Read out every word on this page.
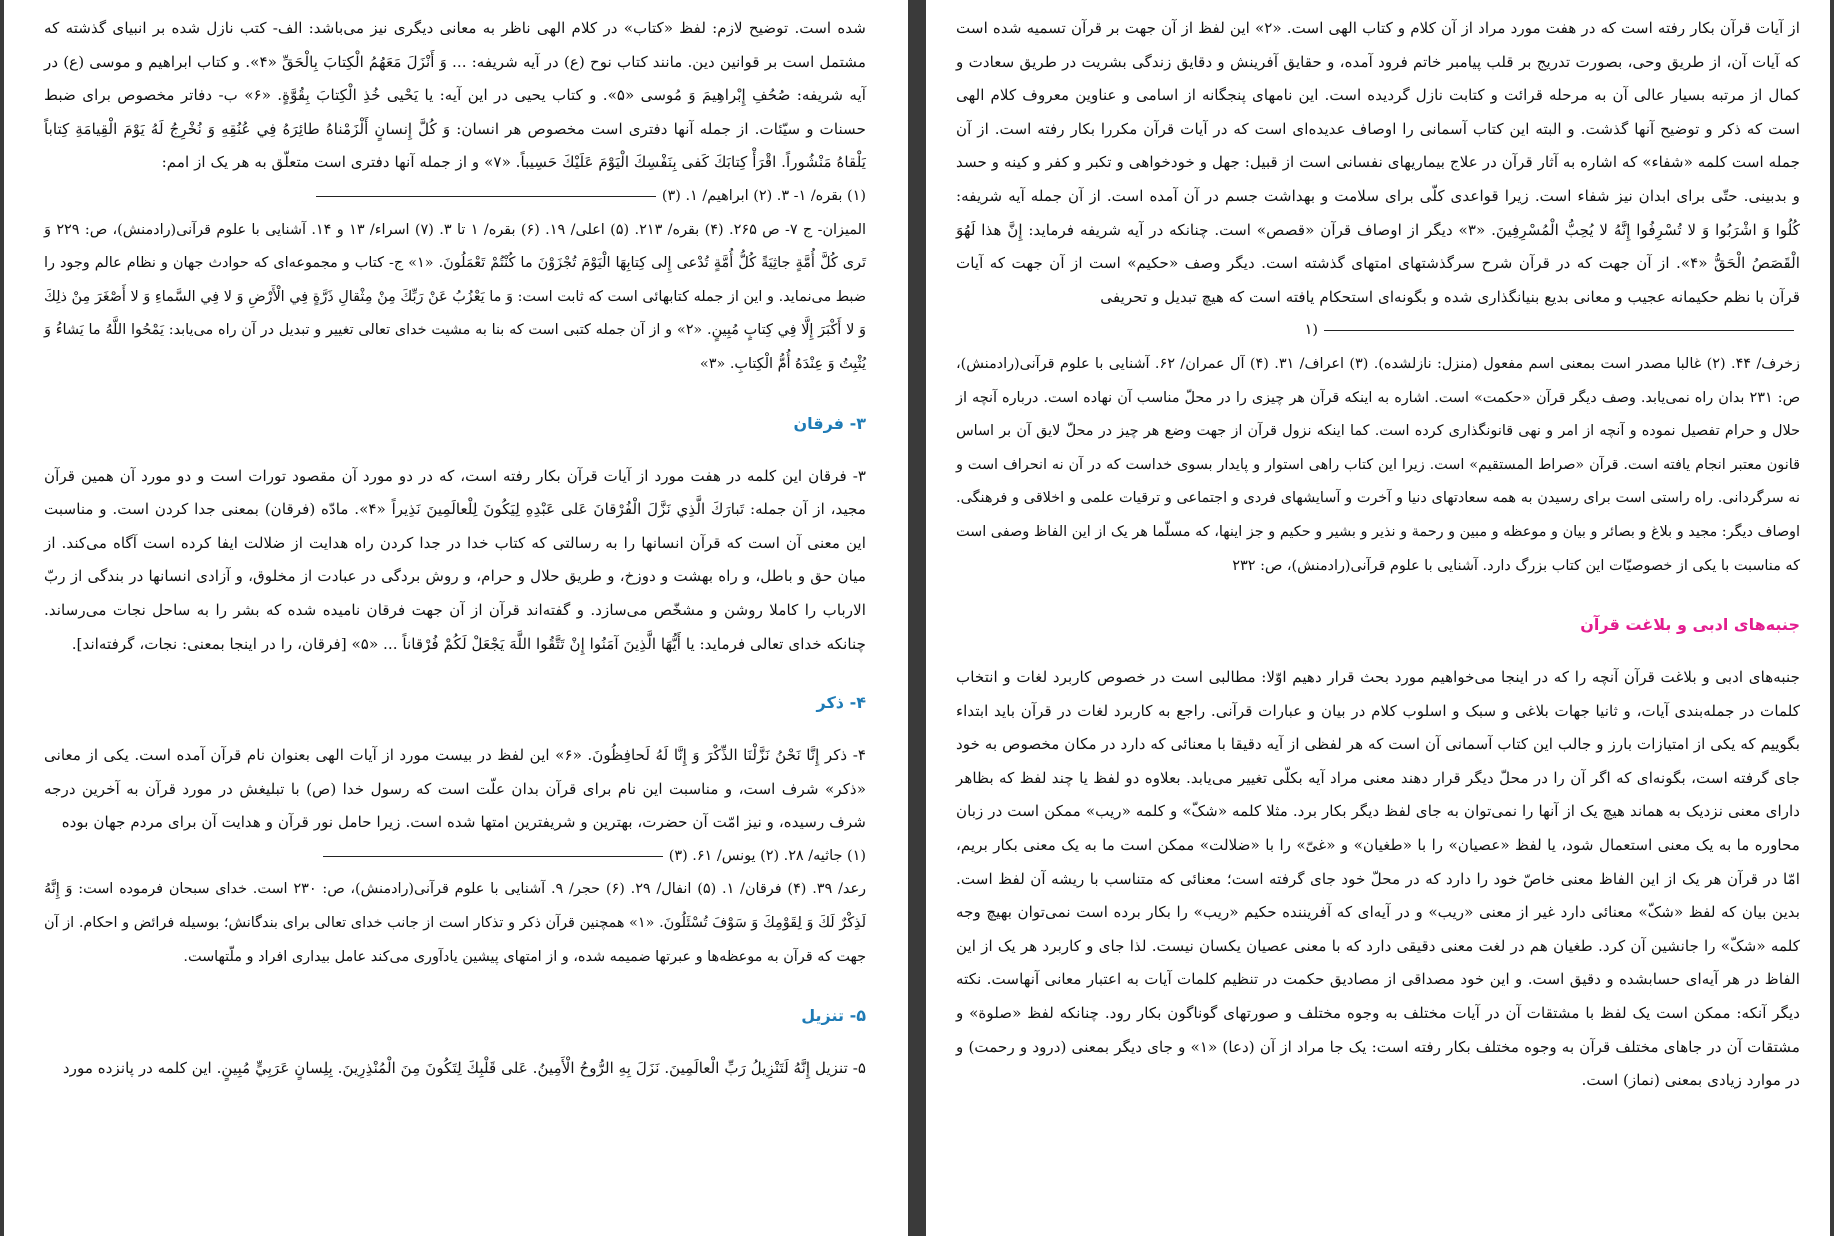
از آیات قرآن بکار رفته است که در هفت مورد مراد از آن کلام و کتاب الهی است. «۲» این لفظ از آن جهت بر قرآن تسمیه شده است که آیات آن، از طریق وحی، بصورت تدریج بر قلب پیامبر خاتم فرود آمده، و حقایق آفرینش و دقایق زندگی بشریت در طریق سعادت و کمال از مرتبه بسیار عالی آن به مرحله قرائت و کتابت نازل گردیده است. این نامهای پنجگانه از اسامی و عناوین معروف کلام الهی است که ذکر و توضیح آنها گذشت. و البته این کتاب آسمانی را اوصاف عدیده‌ای است که در آیات قرآن مکررا بکار رفته است. از آن جمله است کلمه «شفاء» که اشاره به آثار قرآن در علاج بیماریهای نفسانی است از قبیل: جهل و خودخواهی و تکبر و کفر و کینه و حسد و بدبینی. حتّی برای ابدان نیز شفاء است. زیرا قواعدی کلّی برای سلامت و بهداشت جسم در آن آمده است. از آن جمله آیه شریفه: كُلُوا وَ اشْرَبُوا وَ لا تُسْرِفُوا إِنَّهُ لا يُحِبُّ الْمُسْرِفِينَ. «۳» دیگر از اوصاف قرآن «قصص» است. چنانکه در آیه شریفه فرماید: إِنَّ هذا لَهُوَ الْقَصَصُ الْحَقُّ «۴». از آن جهت که در قرآن شرح سرگذشتهای امتهای گذشته است. دیگر وصف «حکیم» است از آن جهت که آیات قرآن با نظم حکیمانه عجیب و معانی بدیع بنیانگذاری شده و بگونه‌ای استحکام یافته است که هیچ تبدیل و تحریفی

(۱

زخرف/ ۴۴. (۲) غالبا مصدر است بمعنی اسم مفعول (منزل: نازلشده). (۳) اعراف/ ۳۱. (۴) آل عمران/ ۶۲. آشنایی با علوم قرآنی(رادمنش)، ص: ۲۳۱ بدان راه نمی‌یابد. وصف دیگر قرآن «حکمت» است. اشاره به اینکه قرآن هر چیزی را در محلّ مناسب آن نهاده است. درباره آنچه از حلال و حرام تفصیل نموده و آنچه از امر و نهی قانونگذاری کرده است. کما اینکه نزول قرآن از جهت وضع هر چیز در محلّ لایق آن بر اساس قانون معتبر انجام یافته است. قرآن «صراط المستقیم» است. زیرا این کتاب راهی استوار و پایدار بسوی خداست که در آن نه انحراف است و نه سرگردانی. راه راستی است برای رسیدن به همه سعادتهای دنیا و آخرت و آسایشهای فردی و اجتماعی و ترقیات علمی و اخلاقی و فرهنگی. اوصاف دیگر: مجید و بلاغ و بصائر و بیان و موعظه و مبین و رحمة و نذیر و بشیر و حکیم و جز اینها، که مسلّما هر یک از این الفاظ وصفی است که مناسبت با یکی از خصوصیّات این کتاب بزرگ دارد. آشنایی با علوم قرآنی(رادمنش)، ص: ۲۳۲

جنبه‌های ادبی و بلاغت قرآن

جنبه‌های ادبی و بلاغت قرآن آنچه را که در اینجا می‌خواهیم مورد بحث قرار دهیم اوّلا: مطالبی است در خصوص کاربرد لغات و انتخاب کلمات در جمله‌بندی آیات، و ثانیا جهات بلاغی و سبک و اسلوب کلام در بیان و عبارات قرآنی. راجع به کاربرد لغات در قرآن باید ابتداء بگوییم که یکی از امتیازات بارز و جالب این کتاب آسمانی آن است که هر لفظی از آیه دقیقا با معنائی که دارد در مکان مخصوص به خود جای گرفته است، بگونه‌ای که اگر آن را در محلّ دیگر قرار دهند معنی مراد آیه بکلّی تغییر می‌یابد. بعلاوه دو لفظ یا چند لفظ که بظاهر دارای معنی نزدیک به هماند هیچ یک از آنها را نمی‌توان به جای لفظ دیگر بکار برد. مثلا کلمه «شکّ» و کلمه «ریب» ممکن است در زبان محاوره ما به یک معنی استعمال شود، یا لفظ «عصیان» را با «طغیان» و «غیّ» را با «ضلالت» ممکن است ما به یک معنی بکار بریم، امّا در قرآن هر یک از این الفاظ معنی خاصّ خود را دارد که در محلّ خود جای گرفته است؛ معنائی که متناسب با ریشه آن لفظ است. بدین بیان که لفظ «شکّ» معنائی دارد غیر از معنی «ریب» و در آیه‌ای که آفریننده حکیم «ریب» را بکار برده است نمی‌توان بهیچ وجه کلمه «شکّ» را جانشین آن کرد. طغیان هم در لغت معنی دقیقی دارد که با معنی عصیان یکسان نیست. لذا جای و کاربرد هر یک از این الفاظ در هر آیه‌ای حسابشده و دقیق است. و این خود مصداقی از مصادیق حکمت در تنظیم کلمات آیات به اعتبار معانی آنهاست. نکته دیگر آنکه: ممکن است یک لفظ با مشتقات آن در آیات مختلف به وجوه مختلف و صورتهای گوناگون بکار رود. چنانکه لفظ «صلوة» و مشتقات آن در جاهای مختلف قرآن به وجوه مختلف بکار رفته است: یک جا مراد از آن (دعا) «۱» و جای دیگر بمعنی (درود و رحمت) و در موارد زیادی بمعنی (نماز) است.

شده است. توضیح لازم: لفظ «کتاب» در کلام الهی ناظر به معانی دیگری نیز می‌باشد: الف- کتب نازل شده بر انبیای گذشته که مشتمل است بر قوانین دین. مانند کتاب نوح (ع) در آیه شریفه: ... وَ أَنْزَلَ مَعَهُمُ الْكِتابَ بِالْحَقِّ «۴». و کتاب ابراهیم و موسی (ع) در آیه شریفه: صُحُفِ إِبْراهِيمَ وَ مُوسى «۵». و کتاب یحیی در این آیه: يا يَحْيى خُذِ الْكِتابَ بِقُوَّةٍ. «۶» ب- دفاتر مخصوص برای ضبط حسنات و سیّئات. از جمله آنها دفتری است مخصوص هر انسان: وَ كُلَّ إِنسانٍ أَلْزَمْناهُ طائِرَهُ فِي عُنُقِهِ وَ نُخْرِجُ لَهُ يَوْمَ الْقِيامَةِ كِتاباً يَلْقاهُ مَنْشُوراً. اقْرَأْ كِتابَكَ كَفى بِنَفْسِكَ الْيَوْمَ عَلَيْكَ حَسِيباً. «۷» و از جمله آنها دفتری است متعلّق به هر یک از امم:

(۱) بقره/ ۱- ۳. (۲) ابراهیم/ ۱. (۳)

المیزان- ج ۷- ص ۲۶۵. (۴) بقره/ ۲۱۳. (۵) اعلی/ ۱۹. (۶) بقره/ ۱ تا ۳. (۷) اسراء/ ۱۳ و ۱۴. آشنایی با علوم قرآنی(رادمنش)، ص: ۲۲۹ وَ تَرى كُلَّ أُمَّةٍ جاثِيَةً كُلُّ أُمَّةٍ تُدْعى إِلى كِتابِهَا الْيَوْمَ تُجْزَوْنَ ما كُنْتُمْ تَعْمَلُونَ. «۱» ج- کتاب و مجموعه‌ای که حوادث جهان و نظام عالم وجود را ضبط می‌نماید. و این از جمله کتابهائی است که ثابت است: وَ ما يَعْزُبُ عَنْ رَبِّكَ مِنْ مِثْقالِ ذَرَّةٍ فِي الْأَرْضِ وَ لا فِي السَّماءِ وَ لا أَصْغَرَ مِنْ ذلِكَ وَ لا أَكْبَرَ إِلَّا فِي كِتابٍ مُبِينٍ. «۲» و از آن جمله کتبی است که بنا به مشیت خدای تعالی تغییر و تبدیل در آن راه می‌یابد: يَمْحُوا اللَّهُ ما يَشاءُ وَ يُثْبِتُ وَ عِنْدَهُ أُمُّ الْكِتابِ. «۳»

۳- فرقان

۳- فرقان این کلمه در هفت مورد از آیات قرآن بکار رفته است، که در دو مورد آن مقصود تورات است و دو مورد آن همین قرآن مجید، از آن جمله: تَبارَكَ الَّذِي نَزَّلَ الْفُرْقانَ عَلى عَبْدِهِ لِيَكُونَ لِلْعالَمِينَ نَذِيراً «۴». مادّه (فرقان) بمعنی جدا کردن است. و مناسبت این معنی آن است که قرآن انسانها را به رسالتی که کتاب خدا در جدا کردن راه هدایت از ضلالت ایفا کرده است آگاه می‌کند. از میان حق و باطل، و راه بهشت و دوزخ، و طریق حلال و حرام، و روش بردگی در عبادت از مخلوق، و آزادی انسانها در بندگی از ربّ الارباب را کاملا روشن و مشخّص می‌سازد. و گفته‌اند قرآن از آن جهت فرقان نامیده شده که بشر را به ساحل نجات می‌رساند. چنانکه خدای تعالی فرماید: يا أَيُّهَا الَّذِينَ آمَنُوا إِنْ تَتَّقُوا اللَّهَ يَجْعَلْ لَكُمْ فُرْقاناً ... «۵» [فرقان، را در اینجا بمعنی: نجات، گرفته‌اند].

۴- ذکر

۴- ذکر إِنَّا نَحْنُ نَزَّلْنَا الذِّكْرَ وَ إِنَّا لَهُ لَحافِظُونَ. «۶» این لفظ در بیست مورد از آیات الهی بعنوان نام قرآن آمده است. یکی از معانی «ذکر» شرف است، و مناسبت این نام برای قرآن بدان علّت است که رسول خدا (ص) با تبلیغش در مورد قرآن به آخرین درجه شرف رسیده، و نیز امّت آن حضرت، بهترین و شریفترین امتها شده است. زیرا حامل نور قرآن و هدایت آن برای مردم جهان بوده

(۱) جاثیه/ ۲۸. (۲) یونس/ ۶۱. (۳)

رعد/ ۳۹. (۴) فرقان/ ۱. (۵) انفال/ ۲۹. (۶) حجر/ ۹. آشنایی با علوم قرآنی(رادمنش)، ص: ۲۳۰ است. خدای سبحان فرموده است: وَ إِنَّهُ لَذِكْرٌ لَكَ وَ لِقَوْمِكَ وَ سَوْفَ تُسْئَلُونَ. «۱» همچنین قرآن ذکر و تذکار است از جانب خدای تعالی برای بندگانش؛ بوسیله فرائض و احکام. از آن جهت که قرآن به موعظه‌ها و عبرتها ضمیمه شده، و از امتهای پیشین یادآوری می‌کند عامل بیداری افراد و ملّتهاست.

۵- تنزیل

۵- تنزیل إِنَّهُ لَتَنْزِيلُ رَبِّ الْعالَمِينَ. نَزَلَ بِهِ الرُّوحُ الْأَمِينُ. عَلى قَلْبِكَ لِتَكُونَ مِنَ الْمُنْذِرِينَ. بِلِسانٍ عَرَبِيٍّ مُبِينٍ. این کلمه در پانزده مورد
